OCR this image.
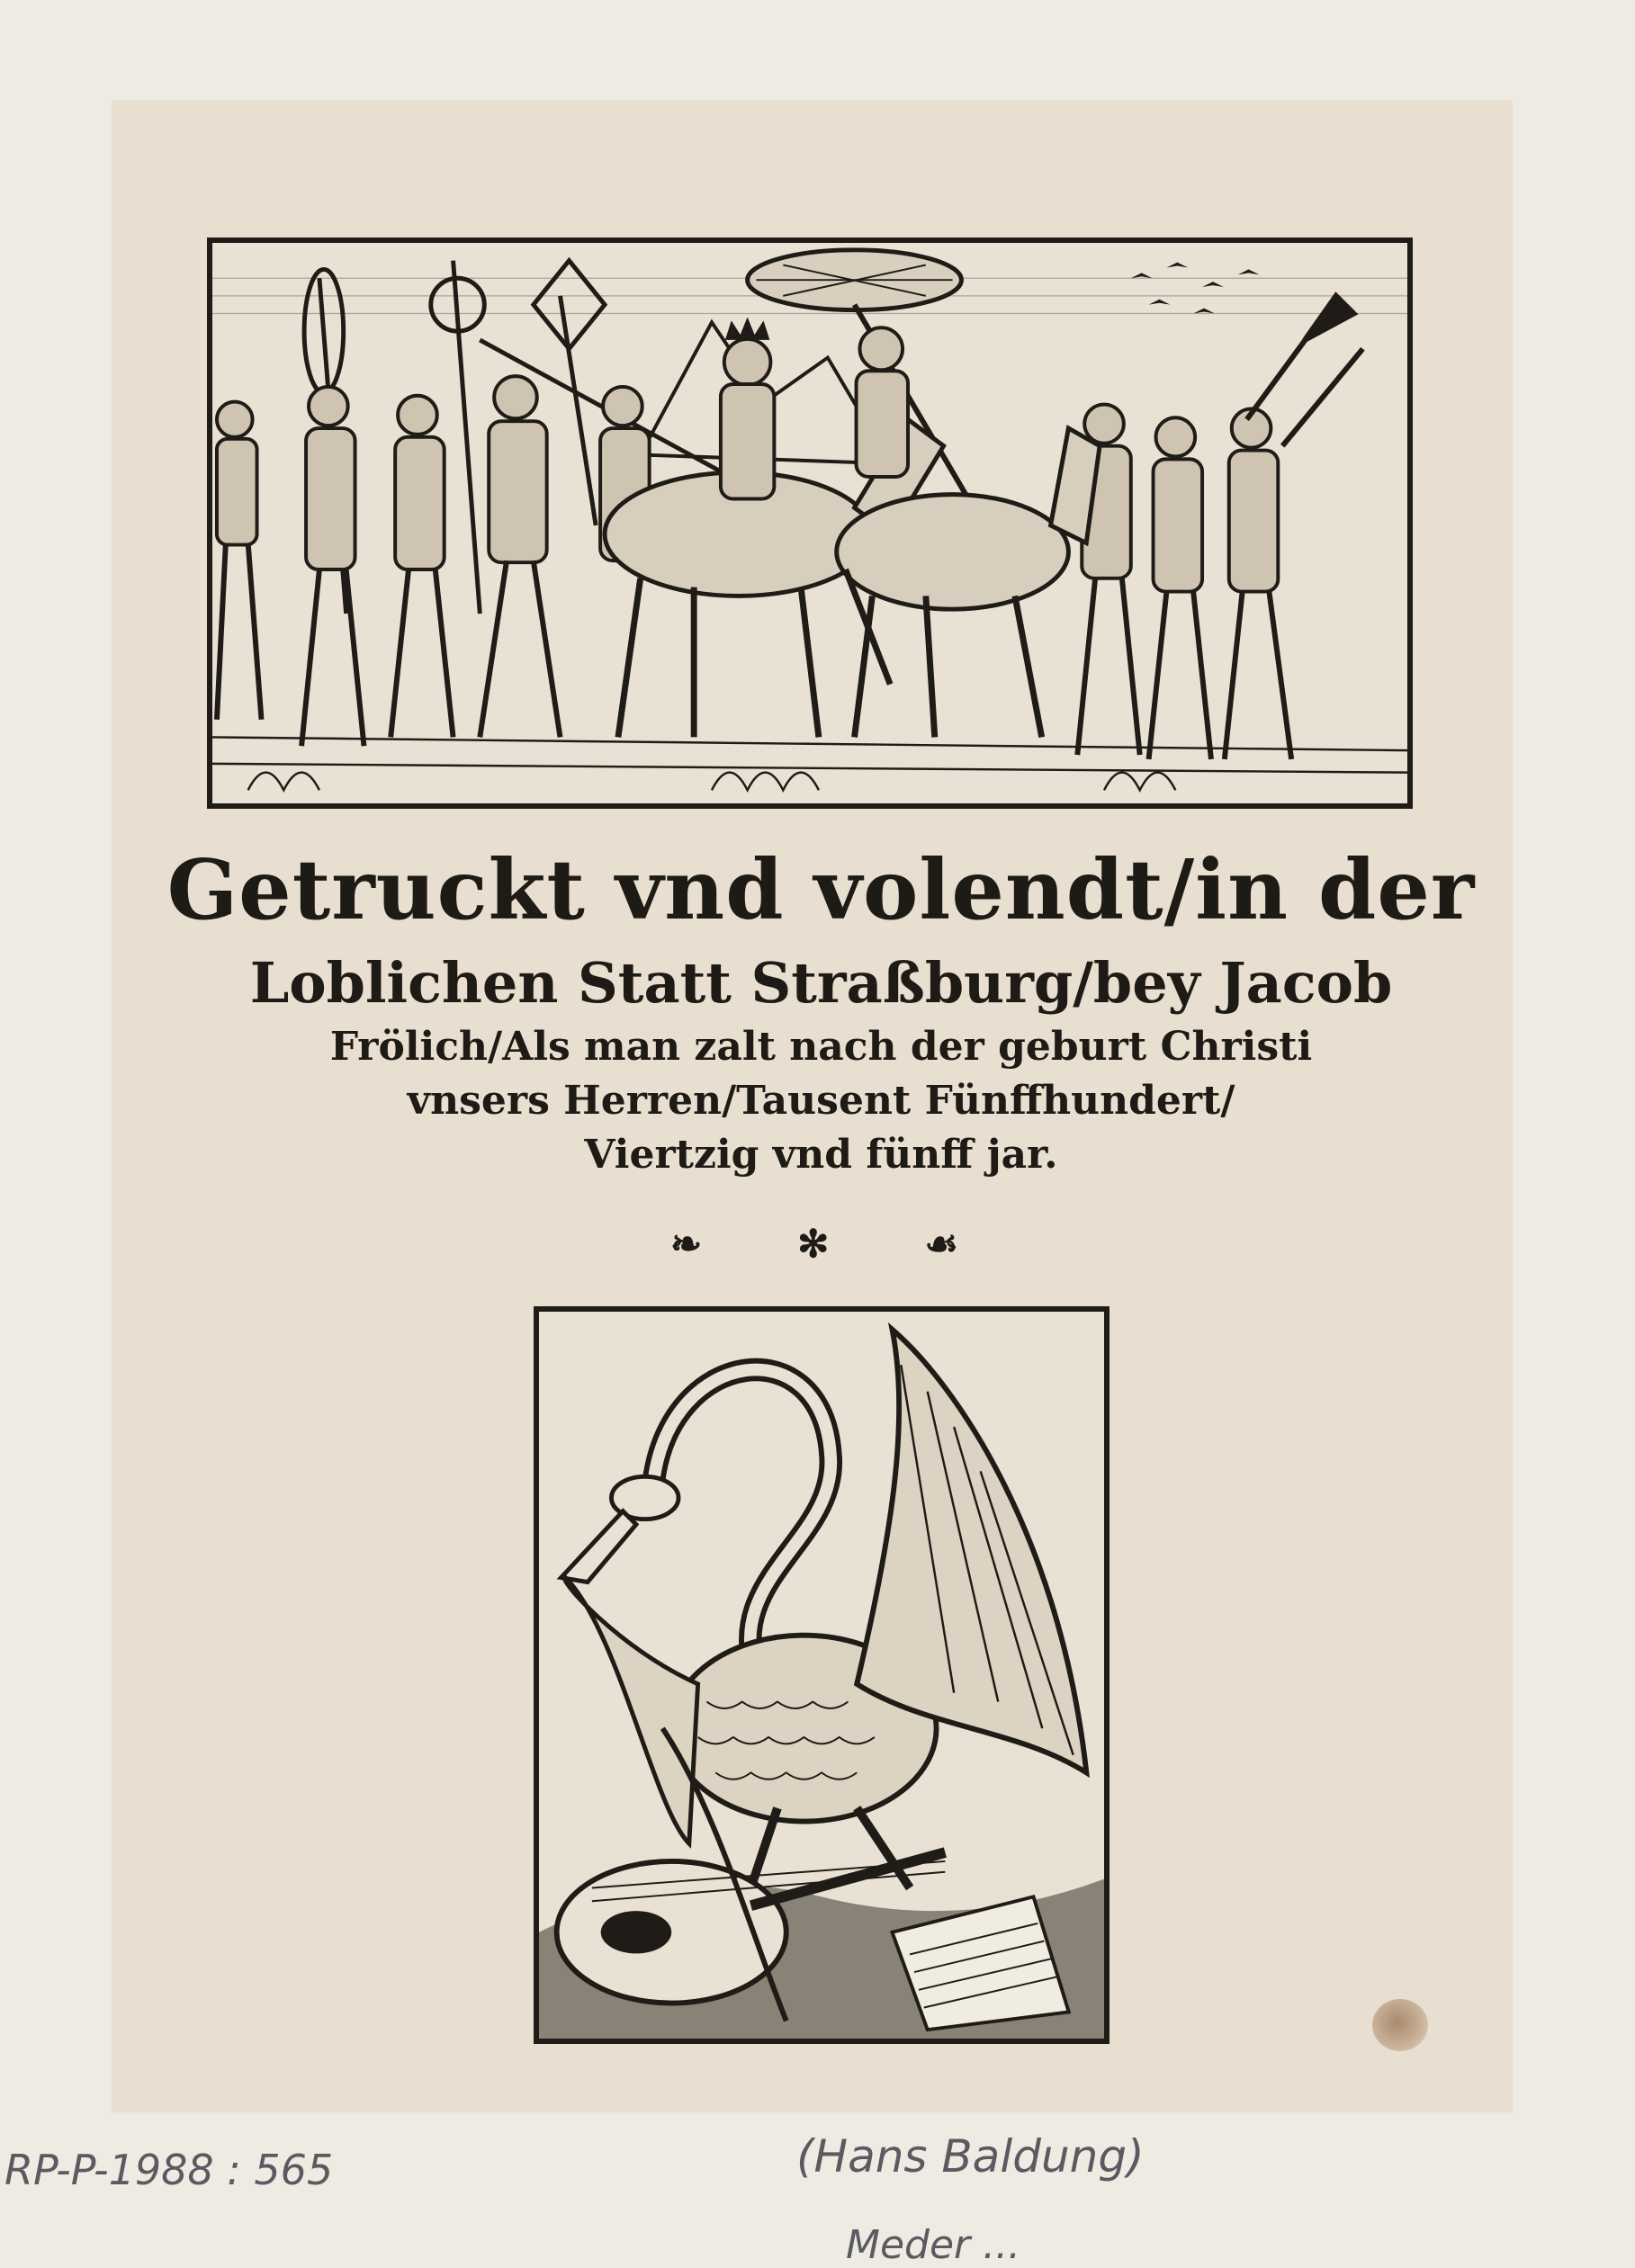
Getruckt vnd volendt/in der
Loblichen Statt Straßburg/bey Jacob
Frölich/Als man zalt nach der geburt Christi
vnsers Herren/Tausent Fünffhundert/
Viertzig vnd fünff jar.
❧	✻	☙
RP-P-1988 : 565	(Hans Baldung)
Meder ...
